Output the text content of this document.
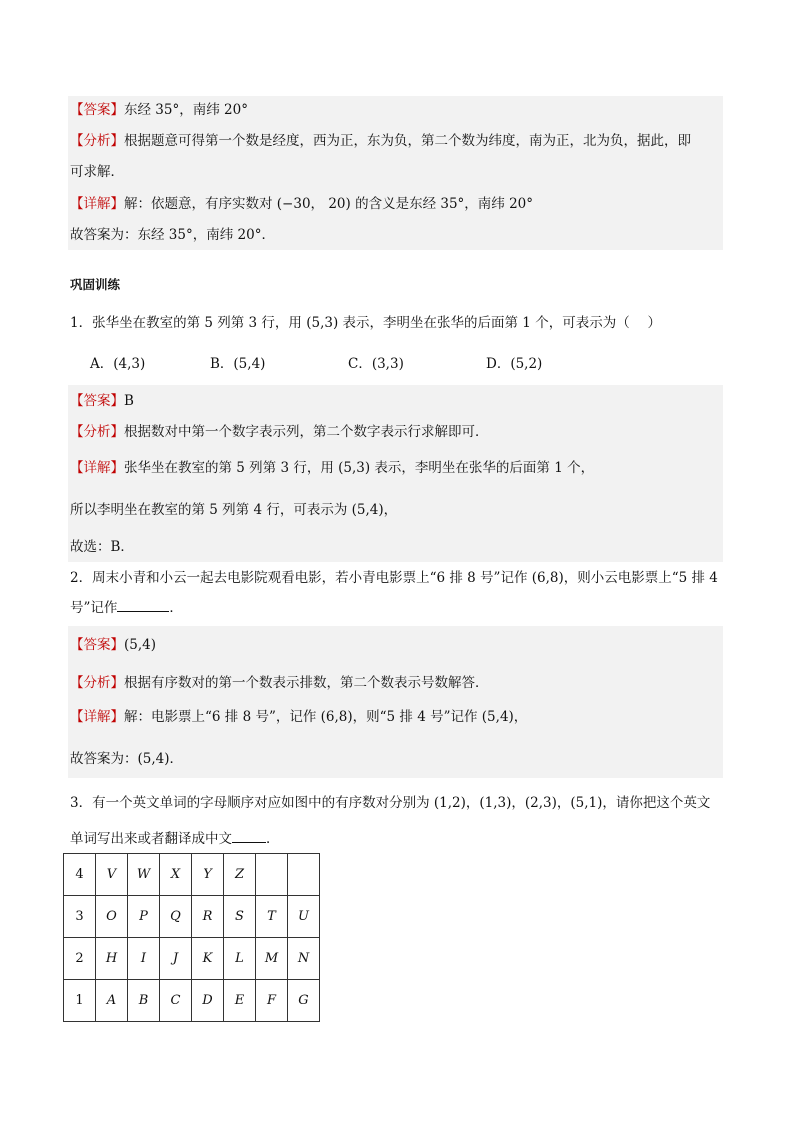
【答案】东经 35°，南纬 20°
【分析】根据题意可得第一个数是经度，西为正，东为负，第二个数为纬度，南为正，北为负，据此，即
可求解．
【详解】解：依题意，有序实数对 (−30， 20) 的含义是东经 35°，南纬 20°
故答案为：东经 35°，南纬 20°．
巩固训练
1．张华坐在教室的第 5 列第 3 行，用 (5,3) 表示，李明坐在张华的后面第 1 个，可表示为（　 ）
A．(4,3)	B．(5,4)	C．(3,3)	D．(5,2)
【答案】B
【分析】根据数对中第一个数字表示列，第二个数字表示行求解即可．
【详解】张华坐在教室的第 5 列第 3 行，用 (5,3) 表示，李明坐在张华的后面第 1 个，
所以李明坐在教室的第 5 列第 4 行，可表示为 (5,4)，
故选：B．
2．周末小青和小云一起去电影院观看电影，若小青电影票上“6 排 8 号”记作 (6,8)，则小云电影票上“5 排 4
号”记作	．
【答案】(5,4)
【分析】根据有序数对的第一个数表示排数，第二个数表示号数解答．
【详解】解：电影票上“6 排 8 号”，记作 (6,8)，则“5 排 4 号”记作 (5,4)，
故答案为：(5,4)．
3．有一个英文单词的字母顺序对应如图中的有序数对分别为 (1,2)，(1,3)，(2,3)，(5,1)，请你把这个英文
单词写出来或者翻译成中文	．
4	V	W	X	Y	Z		
3	O	P	Q	R	S	T	U
2	H	I	J	K	L	M	N
1	A	B	C	D	E	F	G
